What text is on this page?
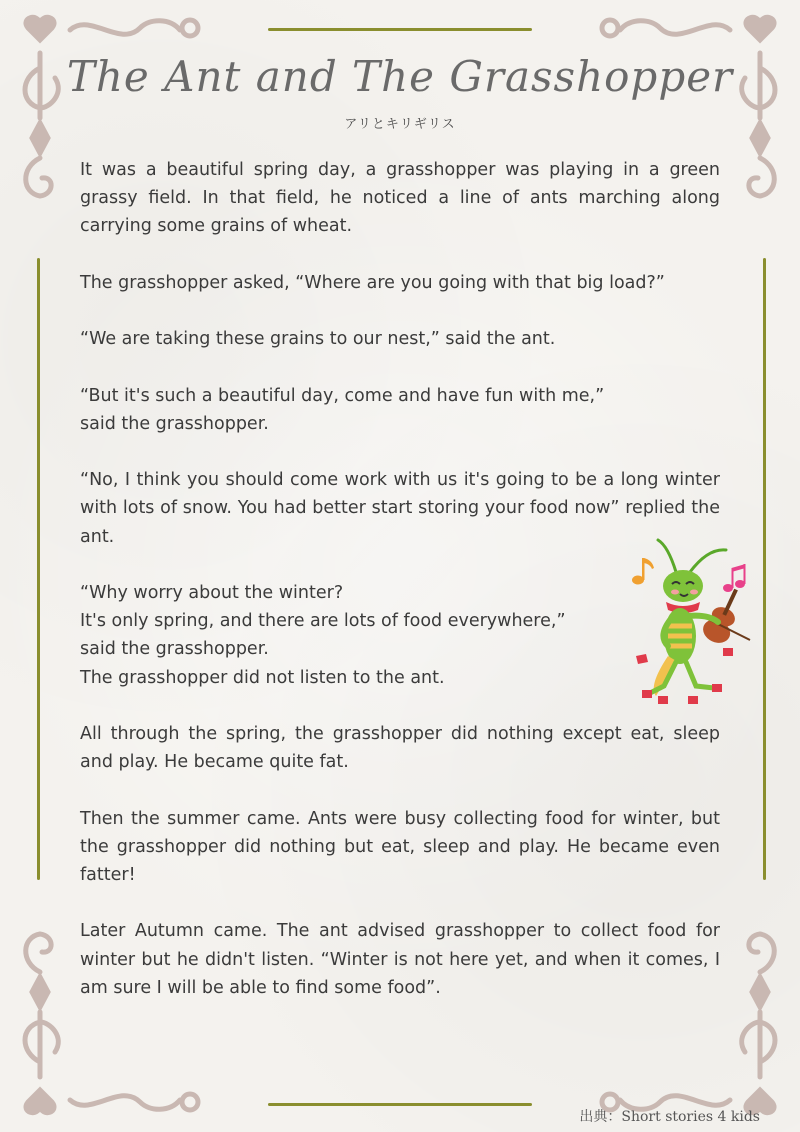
The Ant and The Grasshopper
アリとキリギリス

It was a beautiful spring day, a grasshopper was playing in a green grassy field. In that field, he noticed a line of ants marching along carrying some grains of wheat.

The grasshopper asked, “Where are you going with that big load?”

“We are taking these grains to our nest,” said the ant.

“But it's such a beautiful day, come and have fun with me,”
said the grasshopper.

“No, I think you should come work with us it's going to be a long winter with lots of snow. You had better start storing your food now” replied the ant.

“Why worry about the winter?
It's only spring, and there are lots of food everywhere,”
said the grasshopper.
The grasshopper did not listen to the ant.

All through the spring, the grasshopper did nothing except eat, sleep and play. He became quite fat.

Then the summer came. Ants were busy collecting food for winter, but the grasshopper did nothing but eat, sleep and play. He became even fatter!

Later Autumn came. The ant advised grasshopper to collect food for winter but he didn't listen. “Winter is not here yet, and when it comes, I am sure I will be able to find some food”.

出典：Short stories 4 kids
